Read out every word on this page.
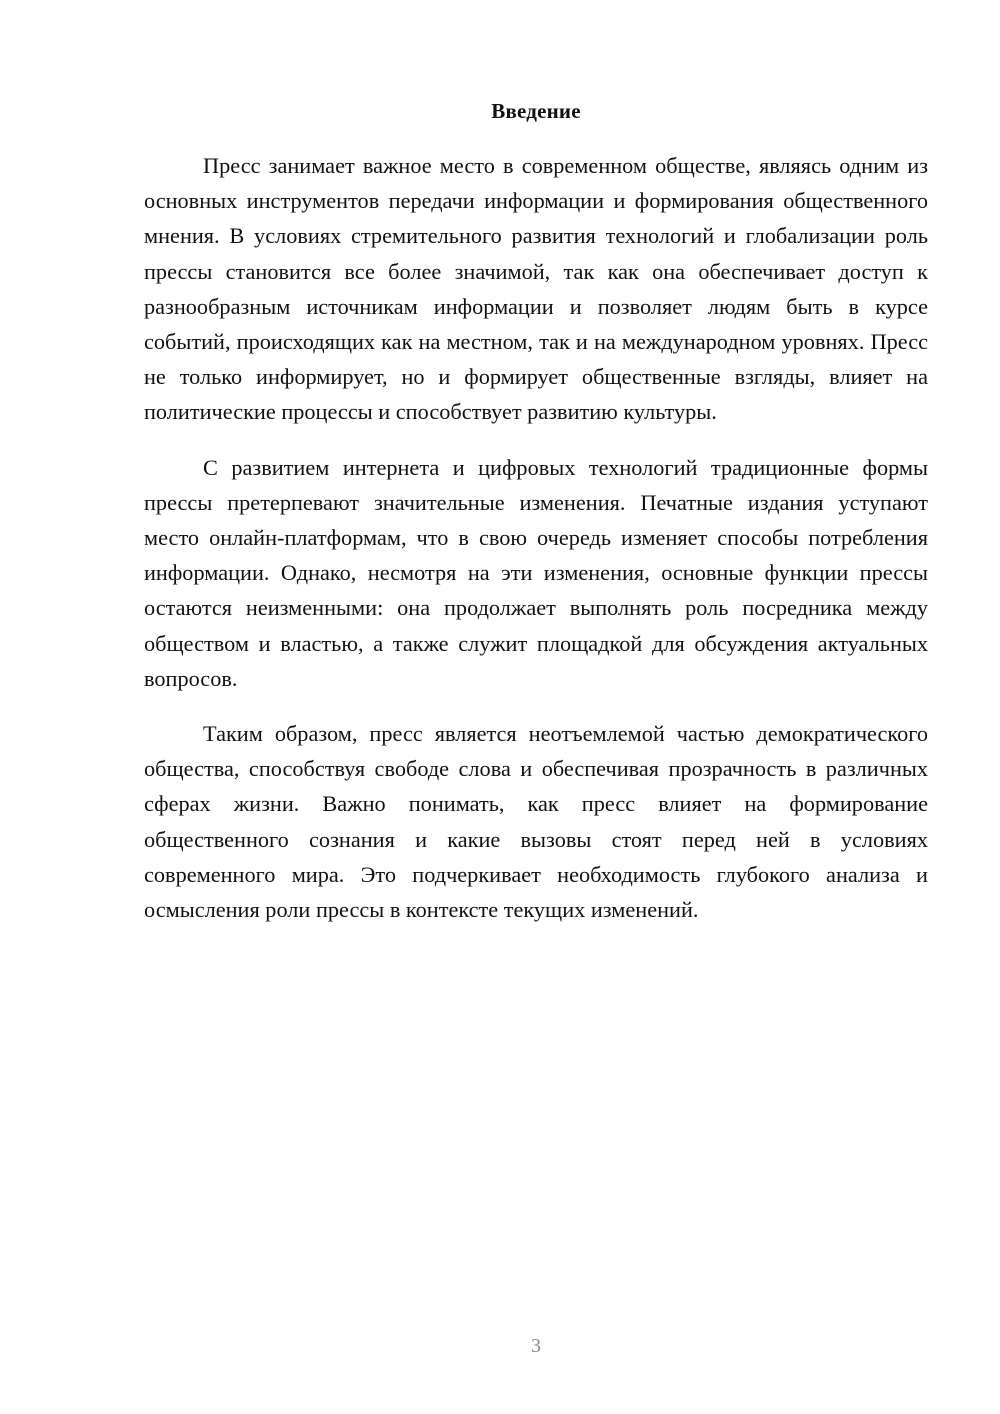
Введение

Пресс занимает важное место в современном обществе, являясь одним из основных инструментов передачи информации и формирования общественного мнения. В условиях стремительного развития технологий и глобализации роль прессы становится все более значимой, так как она обеспечивает доступ к разнообразным источникам информации и позволяет людям быть в курсе событий, происходящих как на местном, так и на международном уровнях. Пресс не только информирует, но и формирует общественные взгляды, влияет на политические процессы и способствует развитию культуры.

С развитием интернета и цифровых технологий традиционные формы прессы претерпевают значительные изменения. Печатные издания уступают место онлайн-платформам, что в свою очередь изменяет способы потребления информации. Однако, несмотря на эти изменения, основные функции прессы остаются неизменными: она продолжает выполнять роль посредника между обществом и властью, а также служит площадкой для обсуждения актуальных вопросов.

Таким образом, пресс является неотъемлемой частью демократического общества, способствуя свободе слова и обеспечивая прозрачность в различных сферах жизни. Важно понимать, как пресс влияет на формирование общественного сознания и какие вызовы стоят перед ней в условиях современного мира. Это подчеркивает необходимость глубокого анализа и осмысления роли прессы в контексте текущих изменений.

3
